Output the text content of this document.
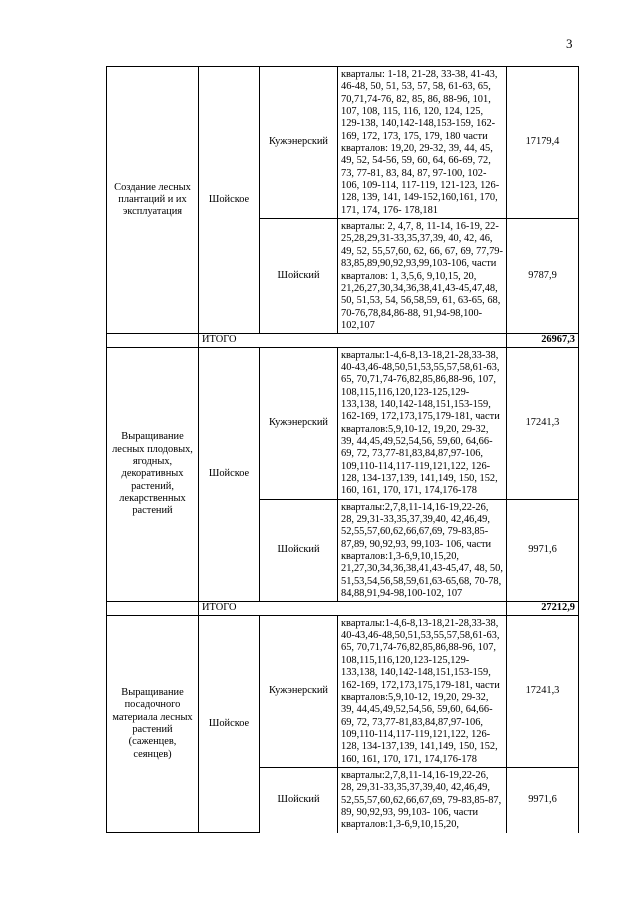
3
Создание лесных плантаций и их эксплуатация	Шойское	Кужэнерский	кварталы: 1-18, 21-28, 33-38, 41-43, 46-48, 50, 51, 53, 57, 58, 61-63, 65, 70,71,74-76, 82, 85, 86, 88-96, 101, 107, 108, 115, 116, 120, 124, 125, 129-138, 140,142-148,153-159, 162-169, 172, 173, 175, 179, 180 части кварталов: 19,20, 29-32, 39, 44, 45, 49, 52, 54-56, 59, 60, 64, 66-69, 72, 73, 77-81, 83, 84, 87, 97-100, 102-106, 109-114, 117-119, 121-123, 126-128, 139, 141, 149-152,160,161, 170, 171, 174, 176- 178,181	17179,4
		Шойский	кварталы: 2, 4,7, 8, 11-14, 16-19, 22-25,28,29,31-33,35,37,39, 40, 42, 46, 49, 52, 55,57,60, 62, 66, 67, 69, 77,79- 83,85,89,90,92,93,99,103-106, части кварталов: 1, 3,5,6, 9,10,15, 20, 21,26,27,30,34,36,38,41,43-45,47,48, 50, 51,53, 54, 56,58,59, 61, 63-65, 68, 70-76,78,84,86-88, 91,94-98,100-102,107	9787,9
	ИТОГО			26967,3
Выращивание лесных плодовых, ягодных, декоративных растений, лекарственных растений	Шойское	Кужэнерский	кварталы:1-4,6-8,13-18,21-28,33-38, 40-43,46-48,50,51,53,55,57,58,61-63, 65, 70,71,74-76,82,85,86,88-96, 107, 108,115,116,120,123-125,129-133,138, 140,142-148,151,153-159, 162-169, 172,173,175,179-181, части кварталов:5,9,10-12, 19,20, 29-32, 39, 44,45,49,52,54,56, 59,60, 64,66-69, 72, 73,77-81,83,84,87,97-106, 109,110-114,117-119,121,122, 126-128, 134-137,139, 141,149, 150, 152, 160, 161, 170, 171, 174,176-178	17241,3
		Шойский	кварталы:2,7,8,11-14,16-19,22-26, 28, 29,31-33,35,37,39,40, 42,46,49, 52,55,57,60,62,66,67,69, 79-83,85-87,89, 90,92,93, 99,103- 106, части кварталов:1,3-6,9,10,15,20, 21,27,30,34,36,38,41,43-45,47, 48, 50, 51,53,54,56,58,59,61,63-65,68, 70-78, 84,88,91,94-98,100-102, 107	9971,6
	ИТОГО			27212,9
Выращивание посадочного материала лесных растений (саженцев, сеянцев)	Шойское	Кужэнерский	кварталы:1-4,6-8,13-18,21-28,33-38, 40-43,46-48,50,51,53,55,57,58,61-63, 65, 70,71,74-76,82,85,86,88-96, 107, 108,115,116,120,123-125,129-133,138, 140,142-148,151,153-159, 162-169, 172,173,175,179-181, части кварталов:5,9,10-12, 19,20, 29-32, 39, 44,45,49,52,54,56, 59,60, 64,66-69, 72, 73,77-81,83,84,87,97-106, 109,110-114,117-119,121,122, 126-128, 134-137,139, 141,149, 150, 152, 160, 161, 170, 171, 174,176-178	17241,3
		Шойский	кварталы:2,7,8,11-14,16-19,22-26, 28, 29,31-33,35,37,39,40, 42,46,49, 52,55,57,60,62,66,67,69, 79-83,85-87, 89, 90,92,93, 99,103- 106, части кварталов:1,3-6,9,10,15,20,	9971,6
